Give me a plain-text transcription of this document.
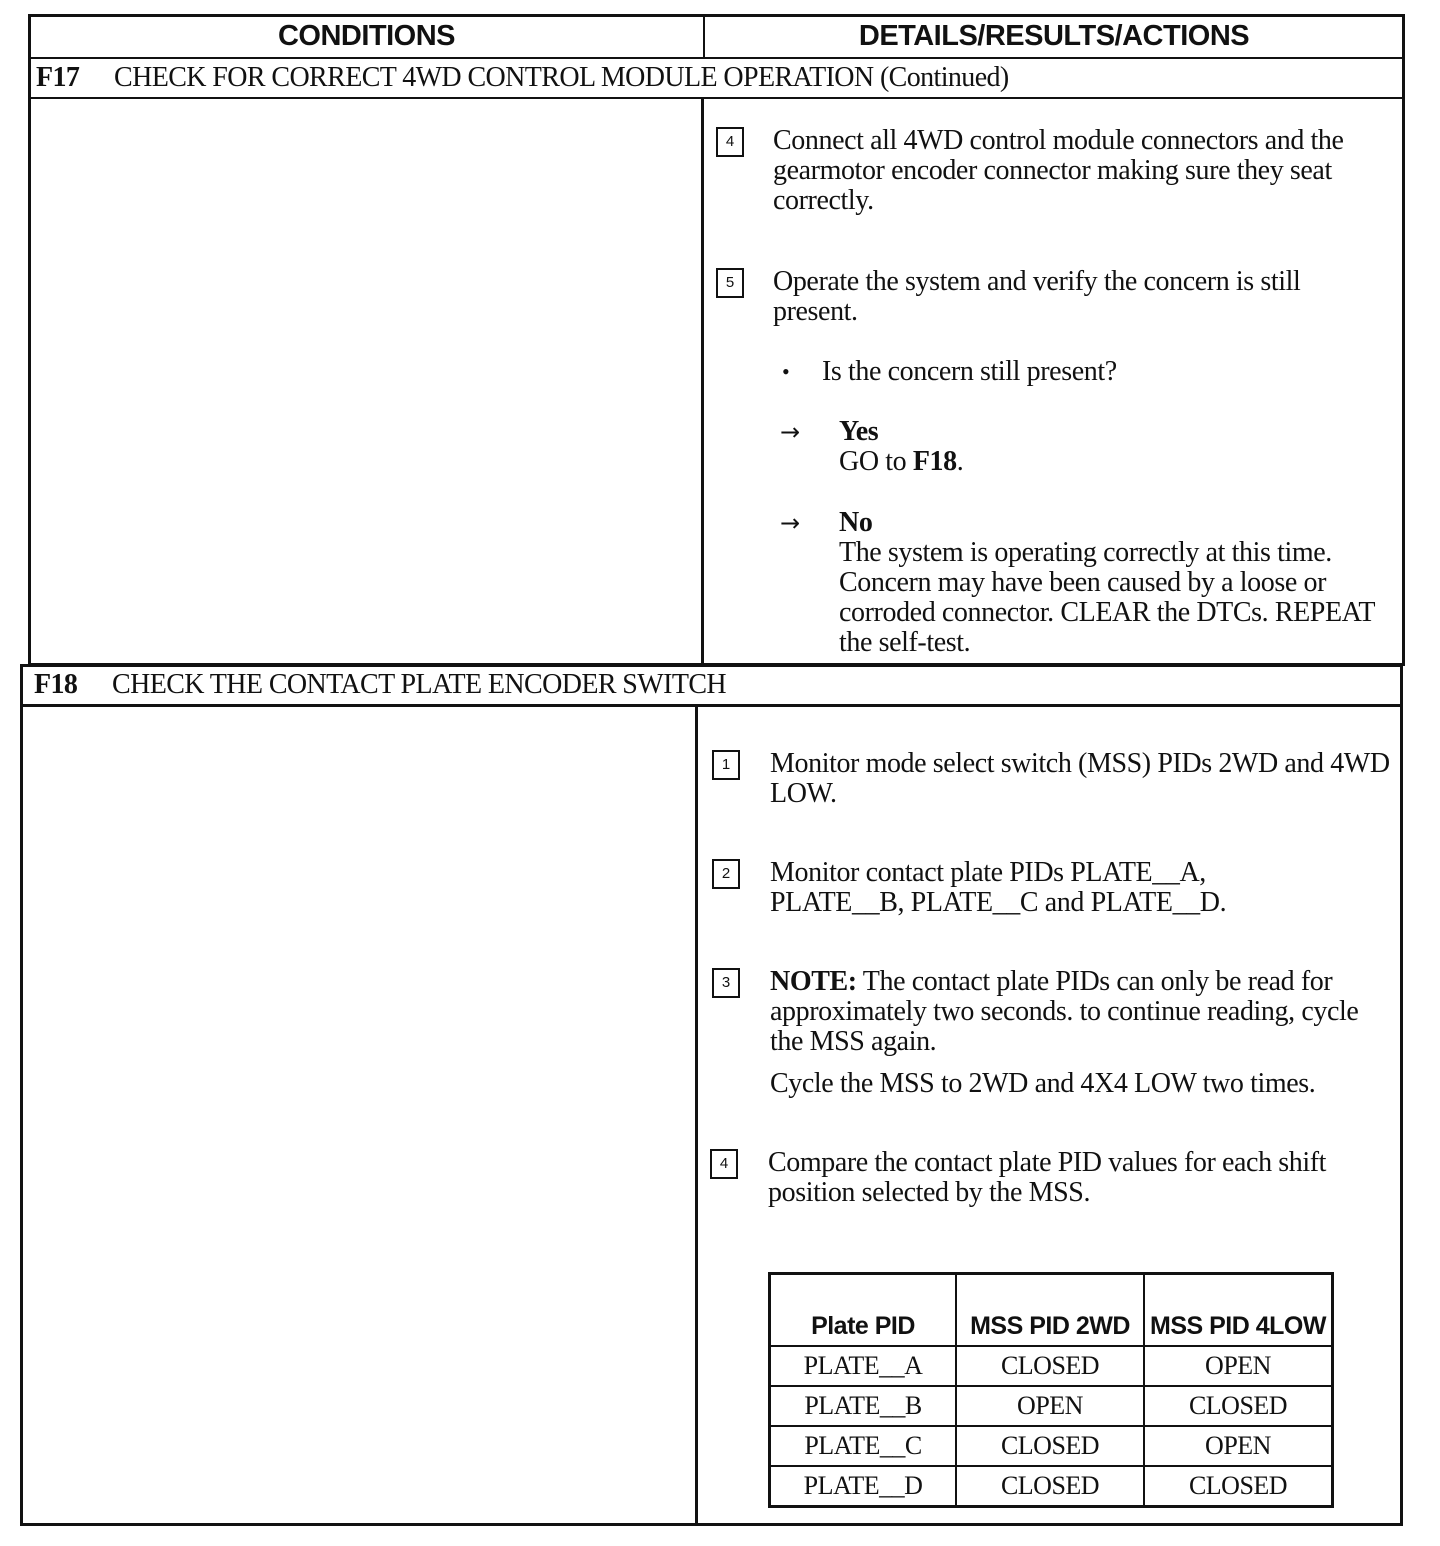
CONDITIONS	DETAILS/RESULTS/ACTIONS
F17 CHECK FOR CORRECT 4WD CONTROL MODULE OPERATION (Continued)
4	Connect all 4WD control module connectors and the gearmotor encoder connector making sure they seat correctly.
5	Operate the system and verify the concern is still present.
• Is the concern still present?
→ Yes
GO to F18.
→ No
The system is operating correctly at this time. Concern may have been caused by a loose or corroded connector. CLEAR the DTCs. REPEAT the self-test.
F18 CHECK THE CONTACT PLATE ENCODER SWITCH
1	Monitor mode select switch (MSS) PIDs 2WD and 4WD LOW.
2	Monitor contact plate PIDs PLATE__A, PLATE__B, PLATE__C and PLATE__D.
3	NOTE: The contact plate PIDs can only be read for approximately two seconds. to continue reading, cycle the MSS again.
Cycle the MSS to 2WD and 4X4 LOW two times.
4	Compare the contact plate PID values for each shift position selected by the MSS.
Plate PID	MSS PID 2WD	MSS PID 4LOW
PLATE__A	CLOSED	OPEN
PLATE__B	OPEN	CLOSED
PLATE__C	CLOSED	OPEN
PLATE__D	CLOSED	CLOSED
